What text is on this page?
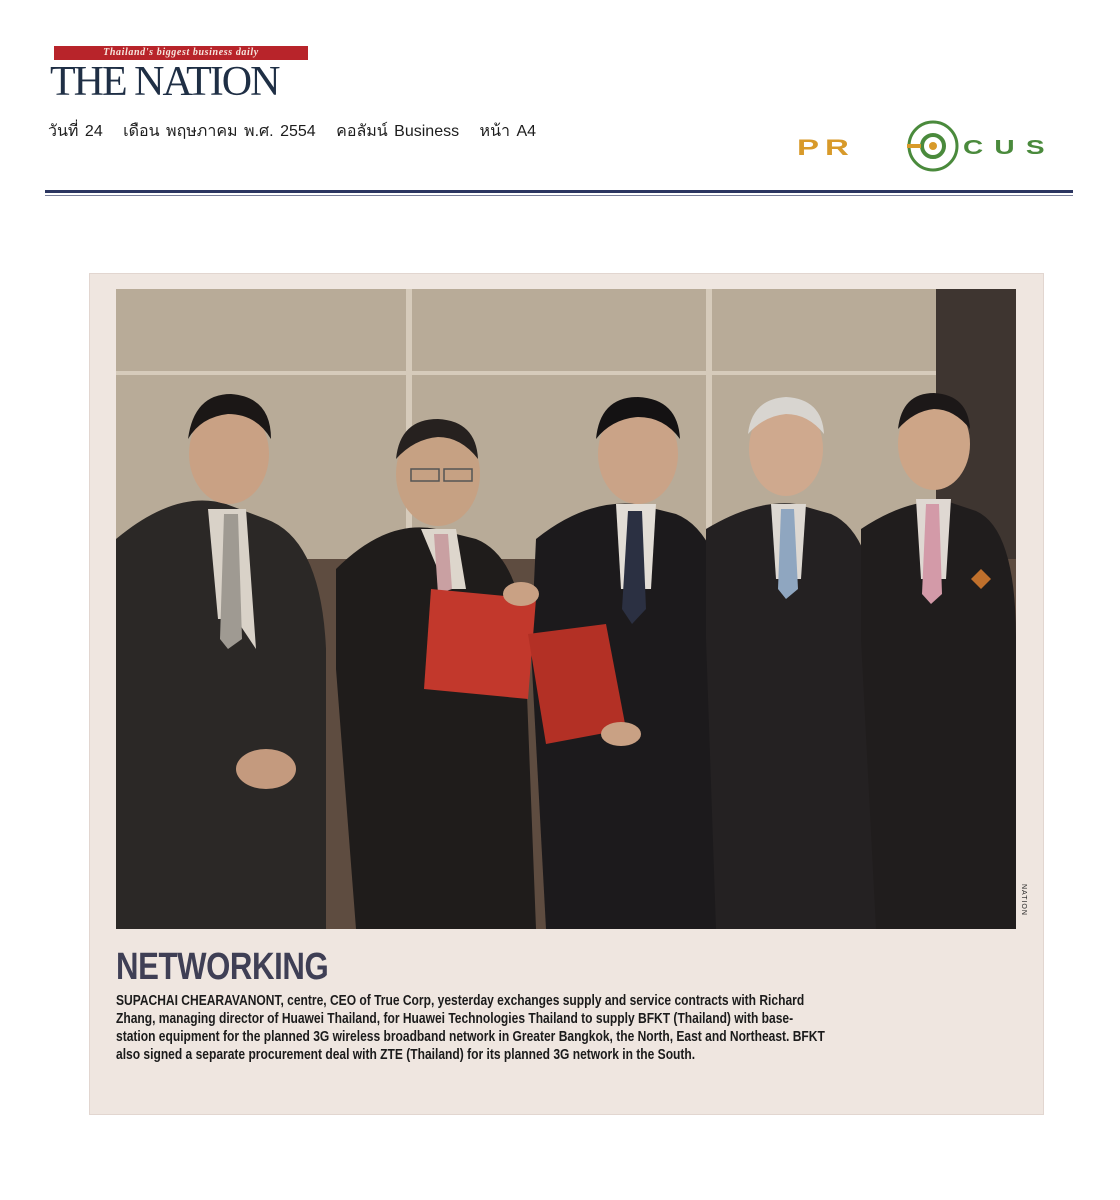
Thailand's biggest business daily
THE NATION
วันที่ 24 เดือน พฤษภาคม พ.ศ. 2554 คอลัมน์ Business หน้า A4
PR	CUS
NATION
NETWORKING

SUPACHAI CHEARAVANONT, centre, CEO of True Corp, yesterday exchanges supply and service contracts with Richard

Zhang, managing director of Huawei Thailand, for Huawei Technologies Thailand to supply BFKT (Thailand) with base-

station equipment for the planned 3G wireless broadband network in Greater Bangkok, the North, East and Northeast. BFKT

also signed a separate procurement deal with ZTE (Thailand) for its planned 3G network in the South.
